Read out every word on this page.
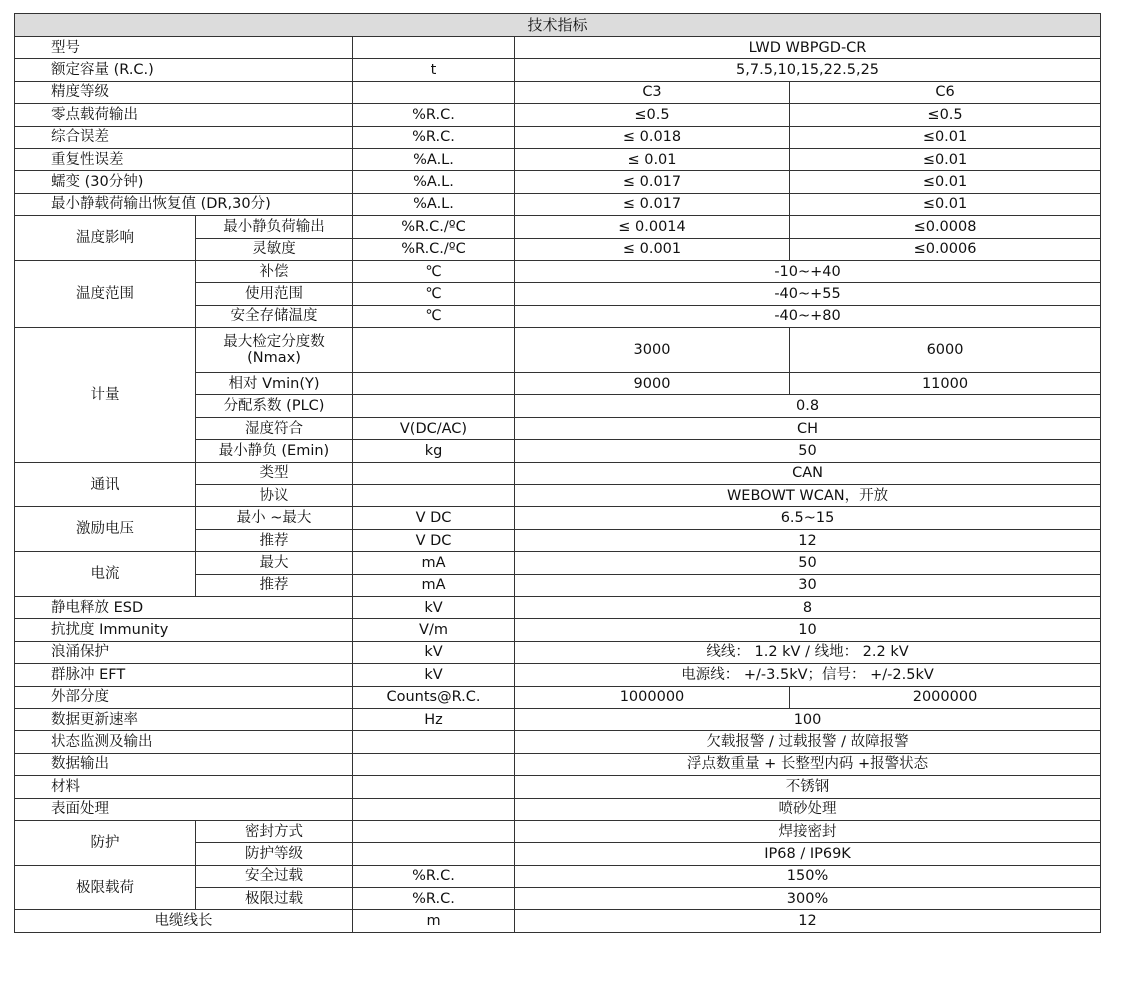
技术指标				
型号			LWD WBPGD-CR	
额定容量 (R.C.)		t	5,7.5,10,15,22.5,25	
精度等级			C3	C6
零点载荷输出		%R.C.	≤0.5	≤0.5
综合误差		%R.C.	≤ 0.018	≤0.01
重复性误差		%A.L.	≤ 0.01	≤0.01
蠕变 (30分钟)		%A.L.	≤ 0.017	≤0.01
最小静载荷输出恢复值 (DR,30分)		%A.L.	≤ 0.017	≤0.01
温度影响	最小静负荷输出	%R.C./ºC	≤ 0.0014	≤0.0008
	灵敏度	%R.C./ºC	≤ 0.001	≤0.0006
温度范围	补偿	℃	-10~+40	
	使用范围	℃	-40~+55	
	安全存储温度	℃	-40~+80	
计量	最大检定分度数 (Nmax)		3000	6000
	相对 Vmin(Y)		9000	11000
	分配系数 (PLC)		0.8	
	湿度符合	V(DC/AC)	CH	
	最小静负 (Emin)	kg	50	
通讯	类型		CAN	
	协议		WEBOWT WCAN，开放	
激励电压	最小 ~最大	V DC	6.5~15	
	推荐	V DC	12	
电流	最大	mA	50	
	推荐	mA	30	
静电释放 ESD		kV	8	
抗扰度 Immunity		V/m	10	
浪涌保护		kV	线线： 1.2 kV / 线地： 2.2 kV	
群脉冲 EFT		kV	电源线： +/-3.5kV；信号： +/-2.5kV	
外部分度		Counts@R.C.	1000000	2000000
数据更新速率		Hz	100	
状态监测及输出			欠载报警 / 过载报警 / 故障报警	
数据输出			浮点数重量 + 长整型内码 +报警状态	
材料			不锈钢	
表面处理			喷砂处理	
防护	密封方式		焊接密封	
	防护等级		IP68 / IP69K	
极限载荷	安全过载	%R.C.	150%	
	极限过载	%R.C.	300%	
电缆线长		m	12	
